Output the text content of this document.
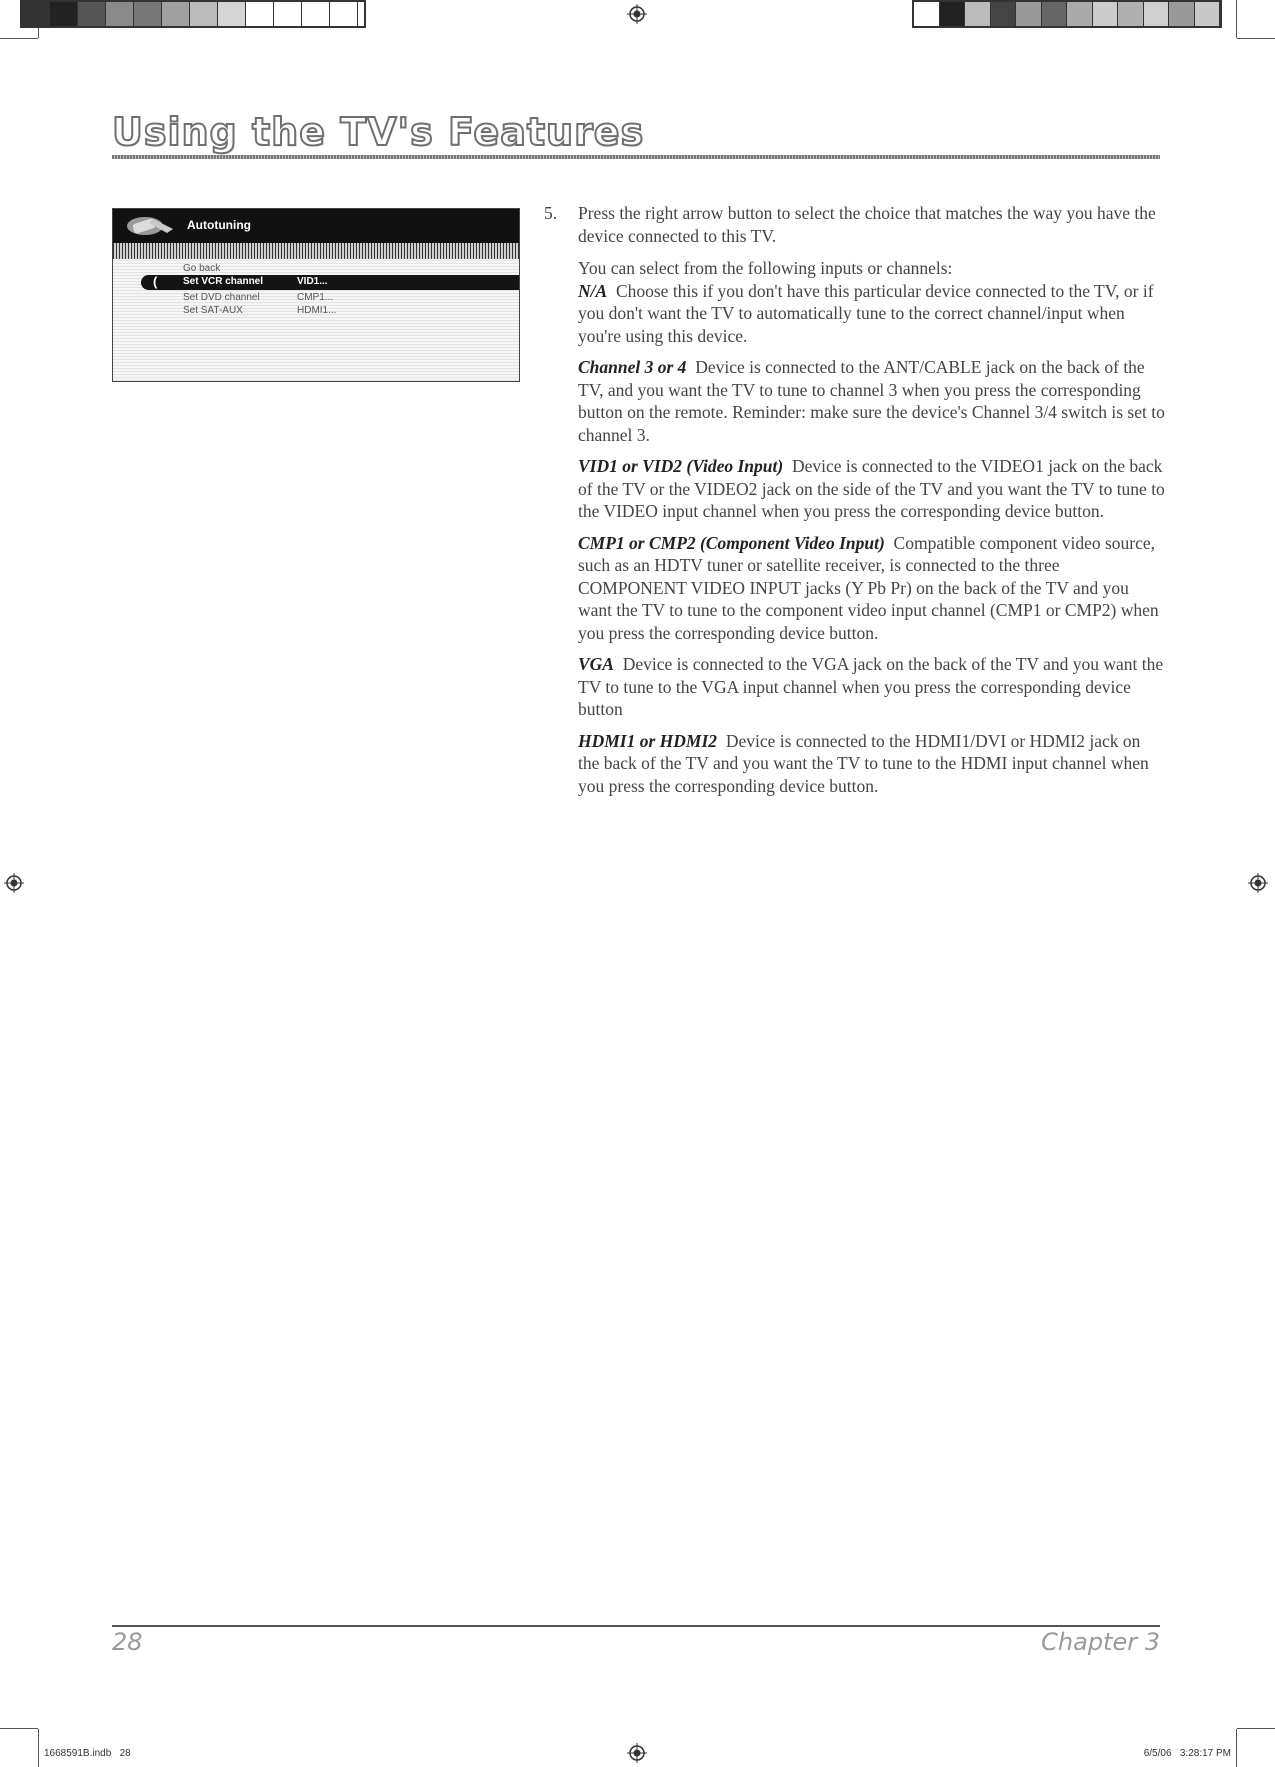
Using the TV's Features
Autotuning
Go back
(	Set VCR channel	VID1...
Set DVD channel	CMP1...
Set SAT-AUX	HDMI1...
5. Press the right arrow button to select the choice that matches the way you have the device connected to this TV.

You can select from the following inputs or channels:
N/A Choose this if you don't have this particular device connected to the TV, or if you don't want the TV to automatically tune to the correct channel/input when you're using this device.

Channel 3 or 4 Device is connected to the ANT/CABLE jack on the back of the TV, and you want the TV to tune to channel 3 when you press the corresponding button on the remote. Reminder: make sure the device's Channel 3/4 switch is set to channel 3.

VID1 or VID2 (Video Input) Device is connected to the VIDEO1 jack on the back of the TV or the VIDEO2 jack on the side of the TV and you want the TV to tune to the VIDEO input channel when you press the corresponding device button.

CMP1 or CMP2 (Component Video Input) Compatible component video source, such as an HDTV tuner or satellite receiver, is connected to the three COMPONENT VIDEO INPUT jacks (Y Pb Pr) on the back of the TV and you want the TV to tune to the component video input channel (CMP1 or CMP2) when you press the corresponding device button.

VGA Device is connected to the VGA jack on the back of the TV and you want the TV to tune to the VGA input channel when you press the corresponding device button

HDMI1 or HDMI2 Device is connected to the HDMI1/DVI or HDMI2 jack on the back of the TV and you want the TV to tune to the HDMI input channel when you press the corresponding device button.

28	Chapter 3
1668591B.indb   28	6/5/06   3:28:17 PM
